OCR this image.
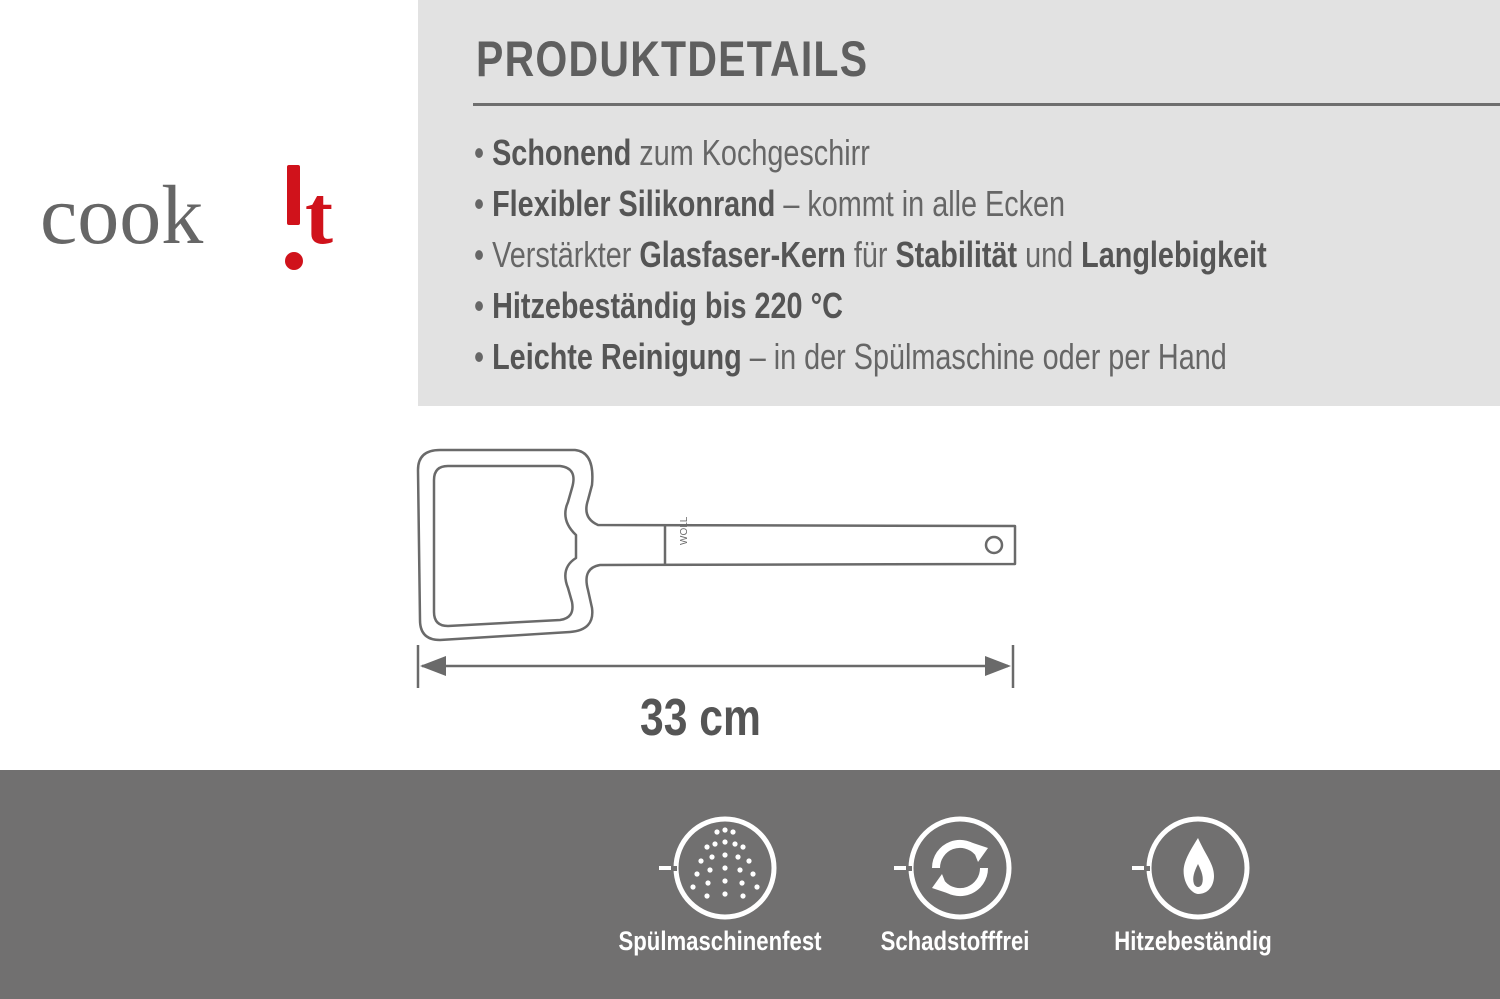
cook t
PRODUKTDETAILS
• Schonend zum Kochgeschirr
• Flexibler Silikonrand – kommt in alle Ecken
• Verstärkter Glasfaser-Kern für Stabilität und Langlebigkeit
• Hitzebeständig bis 220 °C
• Leichte Reinigung – in der Spülmaschine oder per Hand
WOLL
33 cm
Spülmaschinenfest	Schadstofffrei	Hitzebeständig
